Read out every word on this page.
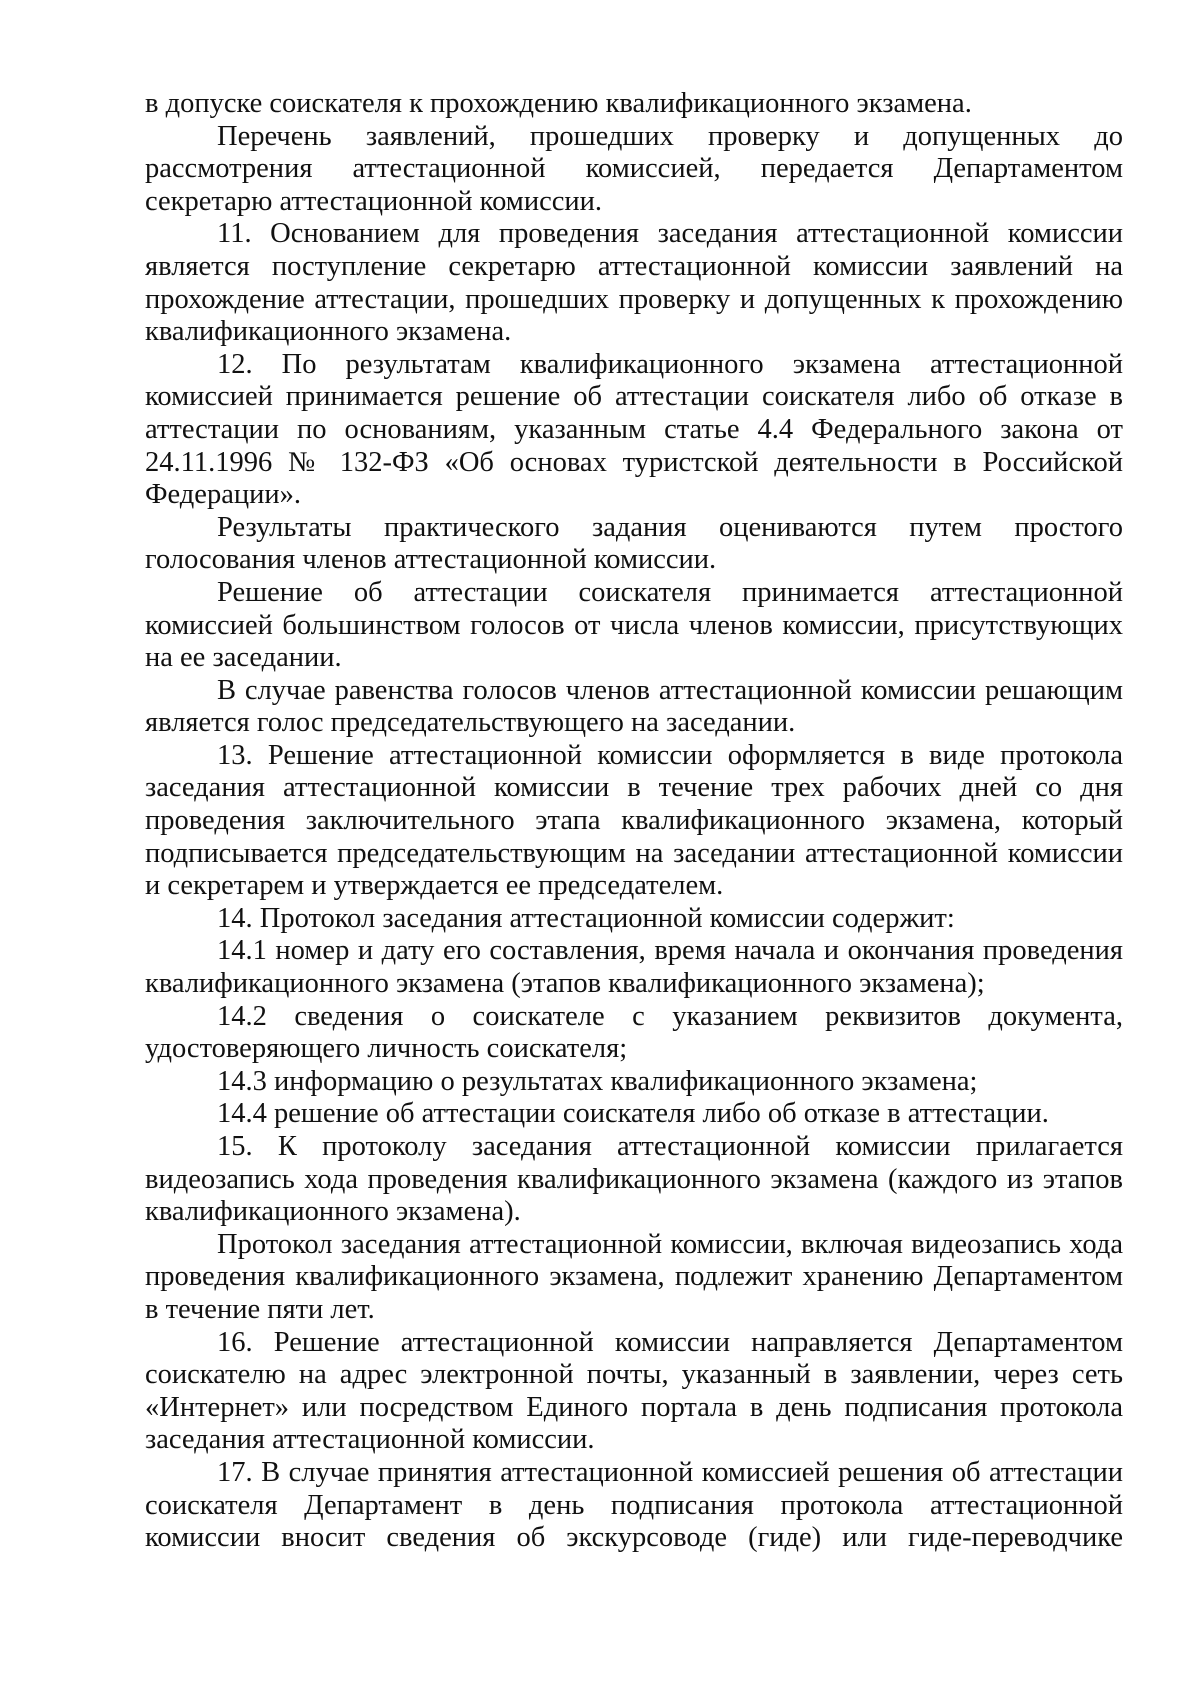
в допуске соискателя к прохождению квалификационного экзамена.

Перечень заявлений, прошедших проверку и допущенных до рассмотрения аттестационной комиссией, передается Департаментом секретарю аттестационной комиссии.

11. Основанием для проведения заседания аттестационной комиссии является поступление секретарю аттестационной комиссии заявлений на прохождение аттестации, прошедших проверку и допущенных к прохождению квалификационного экзамена.

12. По результатам квалификационного экзамена аттестационной комиссией принимается решение об аттестации соискателя либо об отказе в аттестации по основаниям, указанным статье 4.4 Федерального закона от 24.11.1996 № 132-ФЗ «Об основах туристской деятельности в Российской Федерации».

Результаты практического задания оцениваются путем простого голосования членов аттестационной комиссии.

Решение об аттестации соискателя принимается аттестационной комиссией большинством голосов от числа членов комиссии, присутствующих на ее заседании.

В случае равенства голосов членов аттестационной комиссии решающим является голос председательствующего на заседании.

13. Решение аттестационной комиссии оформляется в виде протокола заседания аттестационной комиссии в течение трех рабочих дней со дня проведения заключительного этапа квалификационного экзамена, который подписывается председательствующим на заседании аттестационной комиссии и секретарем и утверждается ее председателем.

14. Протокол заседания аттестационной комиссии содержит:

14.1 номер и дату его составления, время начала и окончания проведения квалификационного экзамена (этапов квалификационного экзамена);

14.2 сведения о соискателе с указанием реквизитов документа, удостоверяющего личность соискателя;

14.3 информацию о результатах квалификационного экзамена;

14.4 решение об аттестации соискателя либо об отказе в аттестации.

15. К протоколу заседания аттестационной комиссии прилагается видеозапись хода проведения квалификационного экзамена (каждого из этапов квалификационного экзамена).

Протокол заседания аттестационной комиссии, включая видеозапись хода проведения квалификационного экзамена, подлежит хранению Департаментом в течение пяти лет.

16. Решение аттестационной комиссии направляется Департаментом соискателю на адрес электронной почты, указанный в заявлении, через сеть «Интернет» или посредством Единого портала в день подписания протокола заседания аттестационной комиссии.

17. В случае принятия аттестационной комиссией решения об аттестации соискателя Департамент в день подписания протокола аттестационной комиссии вносит сведения об экскурсоводе (гиде) или гиде-переводчике
